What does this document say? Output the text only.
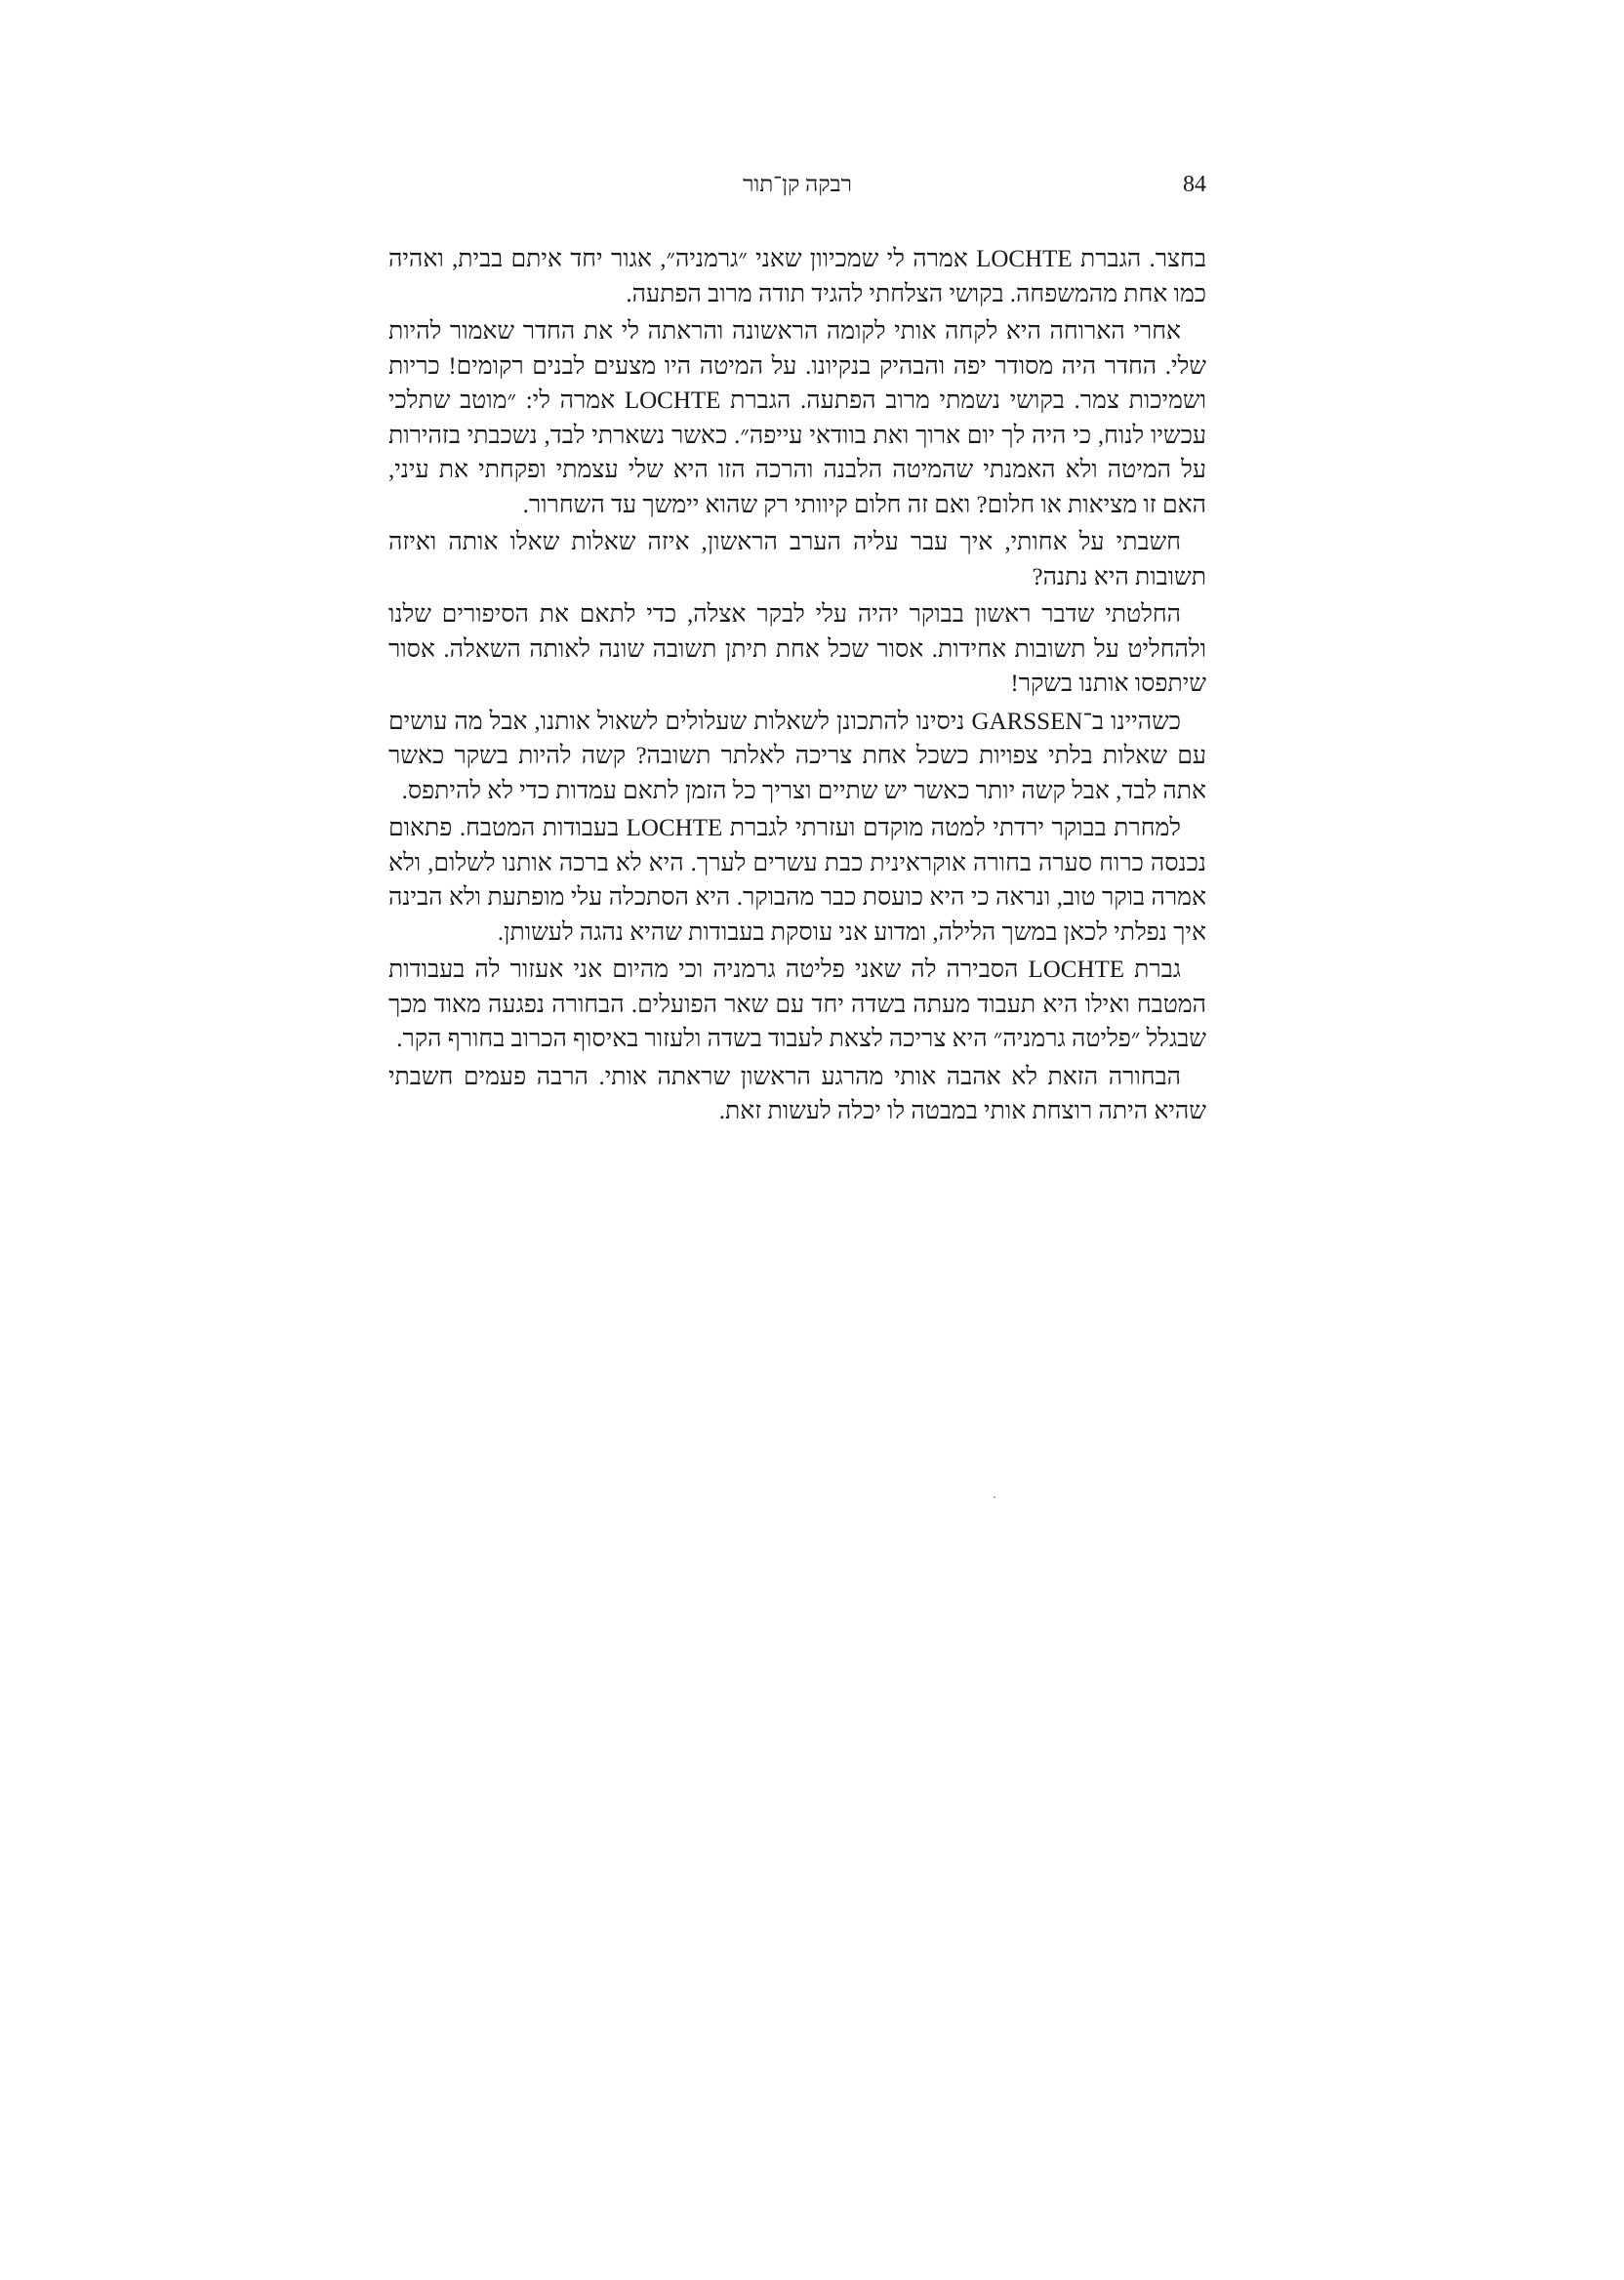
רבקה קן־תור	84

בחצר. הגברת LOCHTE אמרה לי שמכיוון שאני ״גרמניה״, אגור יחד איתם בבית, ואהיה כמו אחת מהמשפחה. בקושי הצלחתי להגיד תודה מרוב הפתעה.

אחרי הארוחה היא לקחה אותי לקומה הראשונה והראתה לי את החדר שאמור להיות שלי. החדר היה מסודר יפה והבהיק בנקיונו. על המיטה היו מצעים לבנים רקומים! כריות ושמיכות צמר. בקושי נשמתי מרוב הפתעה. הגברת LOCHTE אמרה לי: ״מוטב שתלכי עכשיו לנוח, כי היה לך יום ארוך ואת בוודאי עייפה״. כאשר נשארתי לבד, נשכבתי בזהירות על המיטה ולא האמנתי שהמיטה הלבנה והרכה הזו היא שלי עצמתי ופקחתי את עיני, האם זו מציאות או חלום? ואם זה חלום קיוותי רק שהוא יימשך עד השחרור.

חשבתי על אחותי, איך עבר עליה הערב הראשון, איזה שאלות שאלו אותה ואיזה תשובות היא נתנה?

החלטתי שדבר ראשון בבוקר יהיה עלי לבקר אצלה, כדי לתאם את הסיפורים שלנו ולהחליט על תשובות אחידות. אסור שכל אחת תיתן תשובה שונה לאותה השאלה. אסור שיתפסו אותנו בשקר!

כשהיינו ב־GARSSEN ניסינו להתכונן לשאלות שעלולים לשאול אותנו, אבל מה עושים עם שאלות בלתי צפויות כשכל אחת צריכה לאלתר תשובה? קשה להיות בשקר כאשר אתה לבד, אבל קשה יותר כאשר יש שתיים וצריך כל הזמן לתאם עמדות כדי לא להיתפס.

למחרת בבוקר ירדתי למטה מוקדם ועזרתי לגברת LOCHTE בעבודות המטבח. פתאום נכנסה כרוח סערה בחורה אוקראינית כבת עשרים לערך. היא לא ברכה אותנו לשלום, ולא אמרה בוקר טוב, ונראה כי היא כועסת כבר מהבוקר. היא הסתכלה עלי מופתעת ולא הבינה איך נפלתי לכאן במשך הלילה, ומדוע אני עוסקת בעבודות שהיא נהגה לעשותן.

גברת LOCHTE הסבירה לה שאני פליטה גרמניה וכי מהיום אני אעזור לה בעבודות המטבח ואילו היא תעבוד מעתה בשדה יחד עם שאר הפועלים. הבחורה נפגעה מאוד מכך שבגלל ״פליטה גרמניה״ היא צריכה לצאת לעבוד בשדה ולעזור באיסוף הכרוב בחורף הקר.

הבחורה הזאת לא אהבה אותי מהרגע הראשון שראתה אותי. הרבה פעמים חשבתי שהיא היתה רוצחת אותי במבטה לו יכלה לעשות זאת.
